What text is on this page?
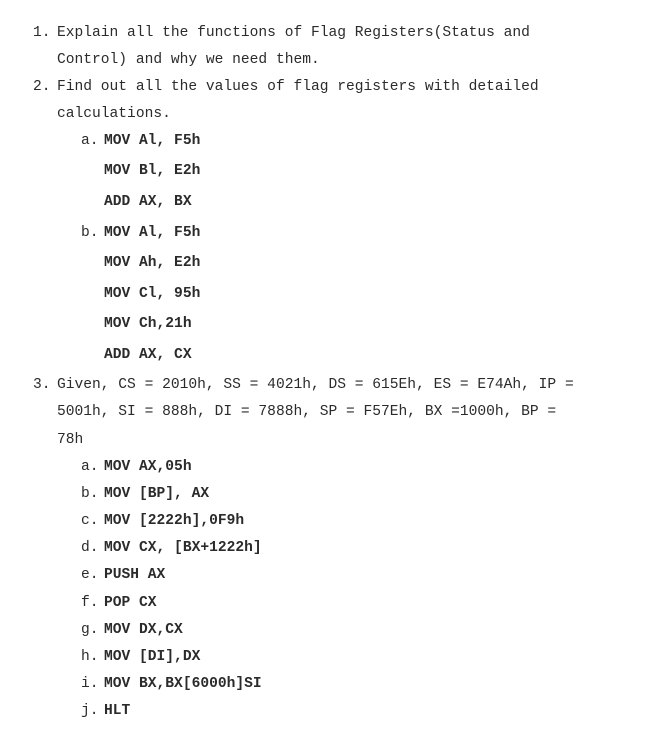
1. Explain all the functions of Flag Registers(Status and
Control) and why we need them.
2. Find out all the values of flag registers with detailed
calculations.
a. MOV Al, F5h
MOV Bl, E2h
ADD AX, BX
b. MOV Al, F5h
MOV Ah, E2h
MOV Cl, 95h
MOV Ch,21h
ADD AX, CX
3. Given, CS = 2010h, SS = 4021h, DS = 615Eh, ES = E74Ah, IP =
5001h, SI = 888h, DI = 7888h, SP = F57Eh, BX =1000h, BP =
78h
a. MOV AX,05h
b. MOV [BP], AX
c. MOV [2222h],0F9h
d. MOV CX, [BX+1222h]
e. PUSH AX
f. POP CX
g. MOV DX,CX
h. MOV [DI],DX
i. MOV BX,BX[6000h]SI
j. HLT
